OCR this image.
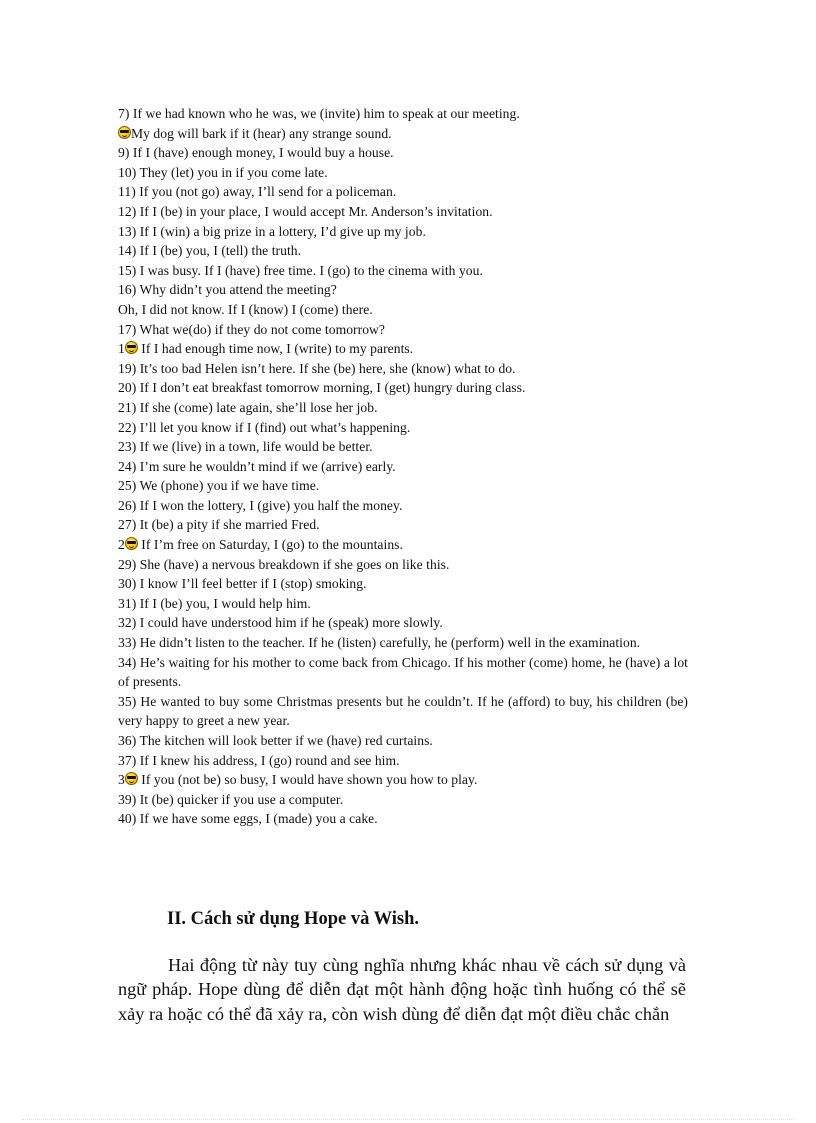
7) If we had known who he was, we (invite) him to speak at our meeting.
My dog will bark if it (hear) any strange sound.
9) If I (have) enough money, I would buy a house.
10) They (let) you in if you come late.
11) If you (not go) away, I’ll send for a policeman.
12) If I (be) in your place, I would accept Mr. Anderson’s invitation.
13) If I (win) a big prize in a lottery, I’d give up my job.
14) If I (be) you, I (tell) the truth.
15) I was busy. If I (have) free time. I (go) to the cinema with you.
16) Why didn’t you attend the meeting?
Oh, I did not know. If I (know) I (come) there.
17) What we(do) if they do not come tomorrow?
1 If I had enough time now, I (write) to my parents.
19) It’s too bad Helen isn’t here. If she (be) here, she (know) what to do.
20) If I don’t eat breakfast tomorrow morning, I (get) hungry during class.
21) If she (come) late again, she’ll lose her job.
22) I’ll let you know if I (find) out what’s happening.
23) If we (live) in a town, life would be better.
24) I’m sure he wouldn’t mind if we (arrive) early.
25) We (phone) you if we have time.
26) If I won the lottery, I (give) you half the money.
27) It (be) a pity if she married Fred.
2 If I’m free on Saturday, I (go) to the mountains.
29) She (have) a nervous breakdown if she goes on like this.
30) I know I’ll feel better if I (stop) smoking.
31) If I (be) you, I would help him.
32) I could have understood him if he (speak) more slowly.
33) He didn’t listen to the teacher. If he (listen) carefully, he (perform) well in the examination.
34) He’s waiting for his mother to come back from Chicago. If his mother (come) home, he (have) a lot of presents.
35) He wanted to buy some Christmas presents but he couldn’t. If he (afford) to buy, his children (be) very happy to greet a new year.
36) The kitchen will look better if we (have) red curtains.
37) If I knew his address, I (go) round and see him.
3 If you (not be) so busy, I would have shown you how to play.
39) It (be) quicker if you use a computer.
40) If we have some eggs, I (made) you a cake.
II. Cách sử dụng Hope và Wish.
Hai động từ này tuy cùng nghĩa nhưng khác nhau về cách sử dụng và ngữ pháp. Hope dùng để diễn đạt một hành động hoặc tình huống có thể sẽ xảy ra hoặc có thể đã xảy ra, còn wish dùng để diễn đạt một điều chắc chắn
